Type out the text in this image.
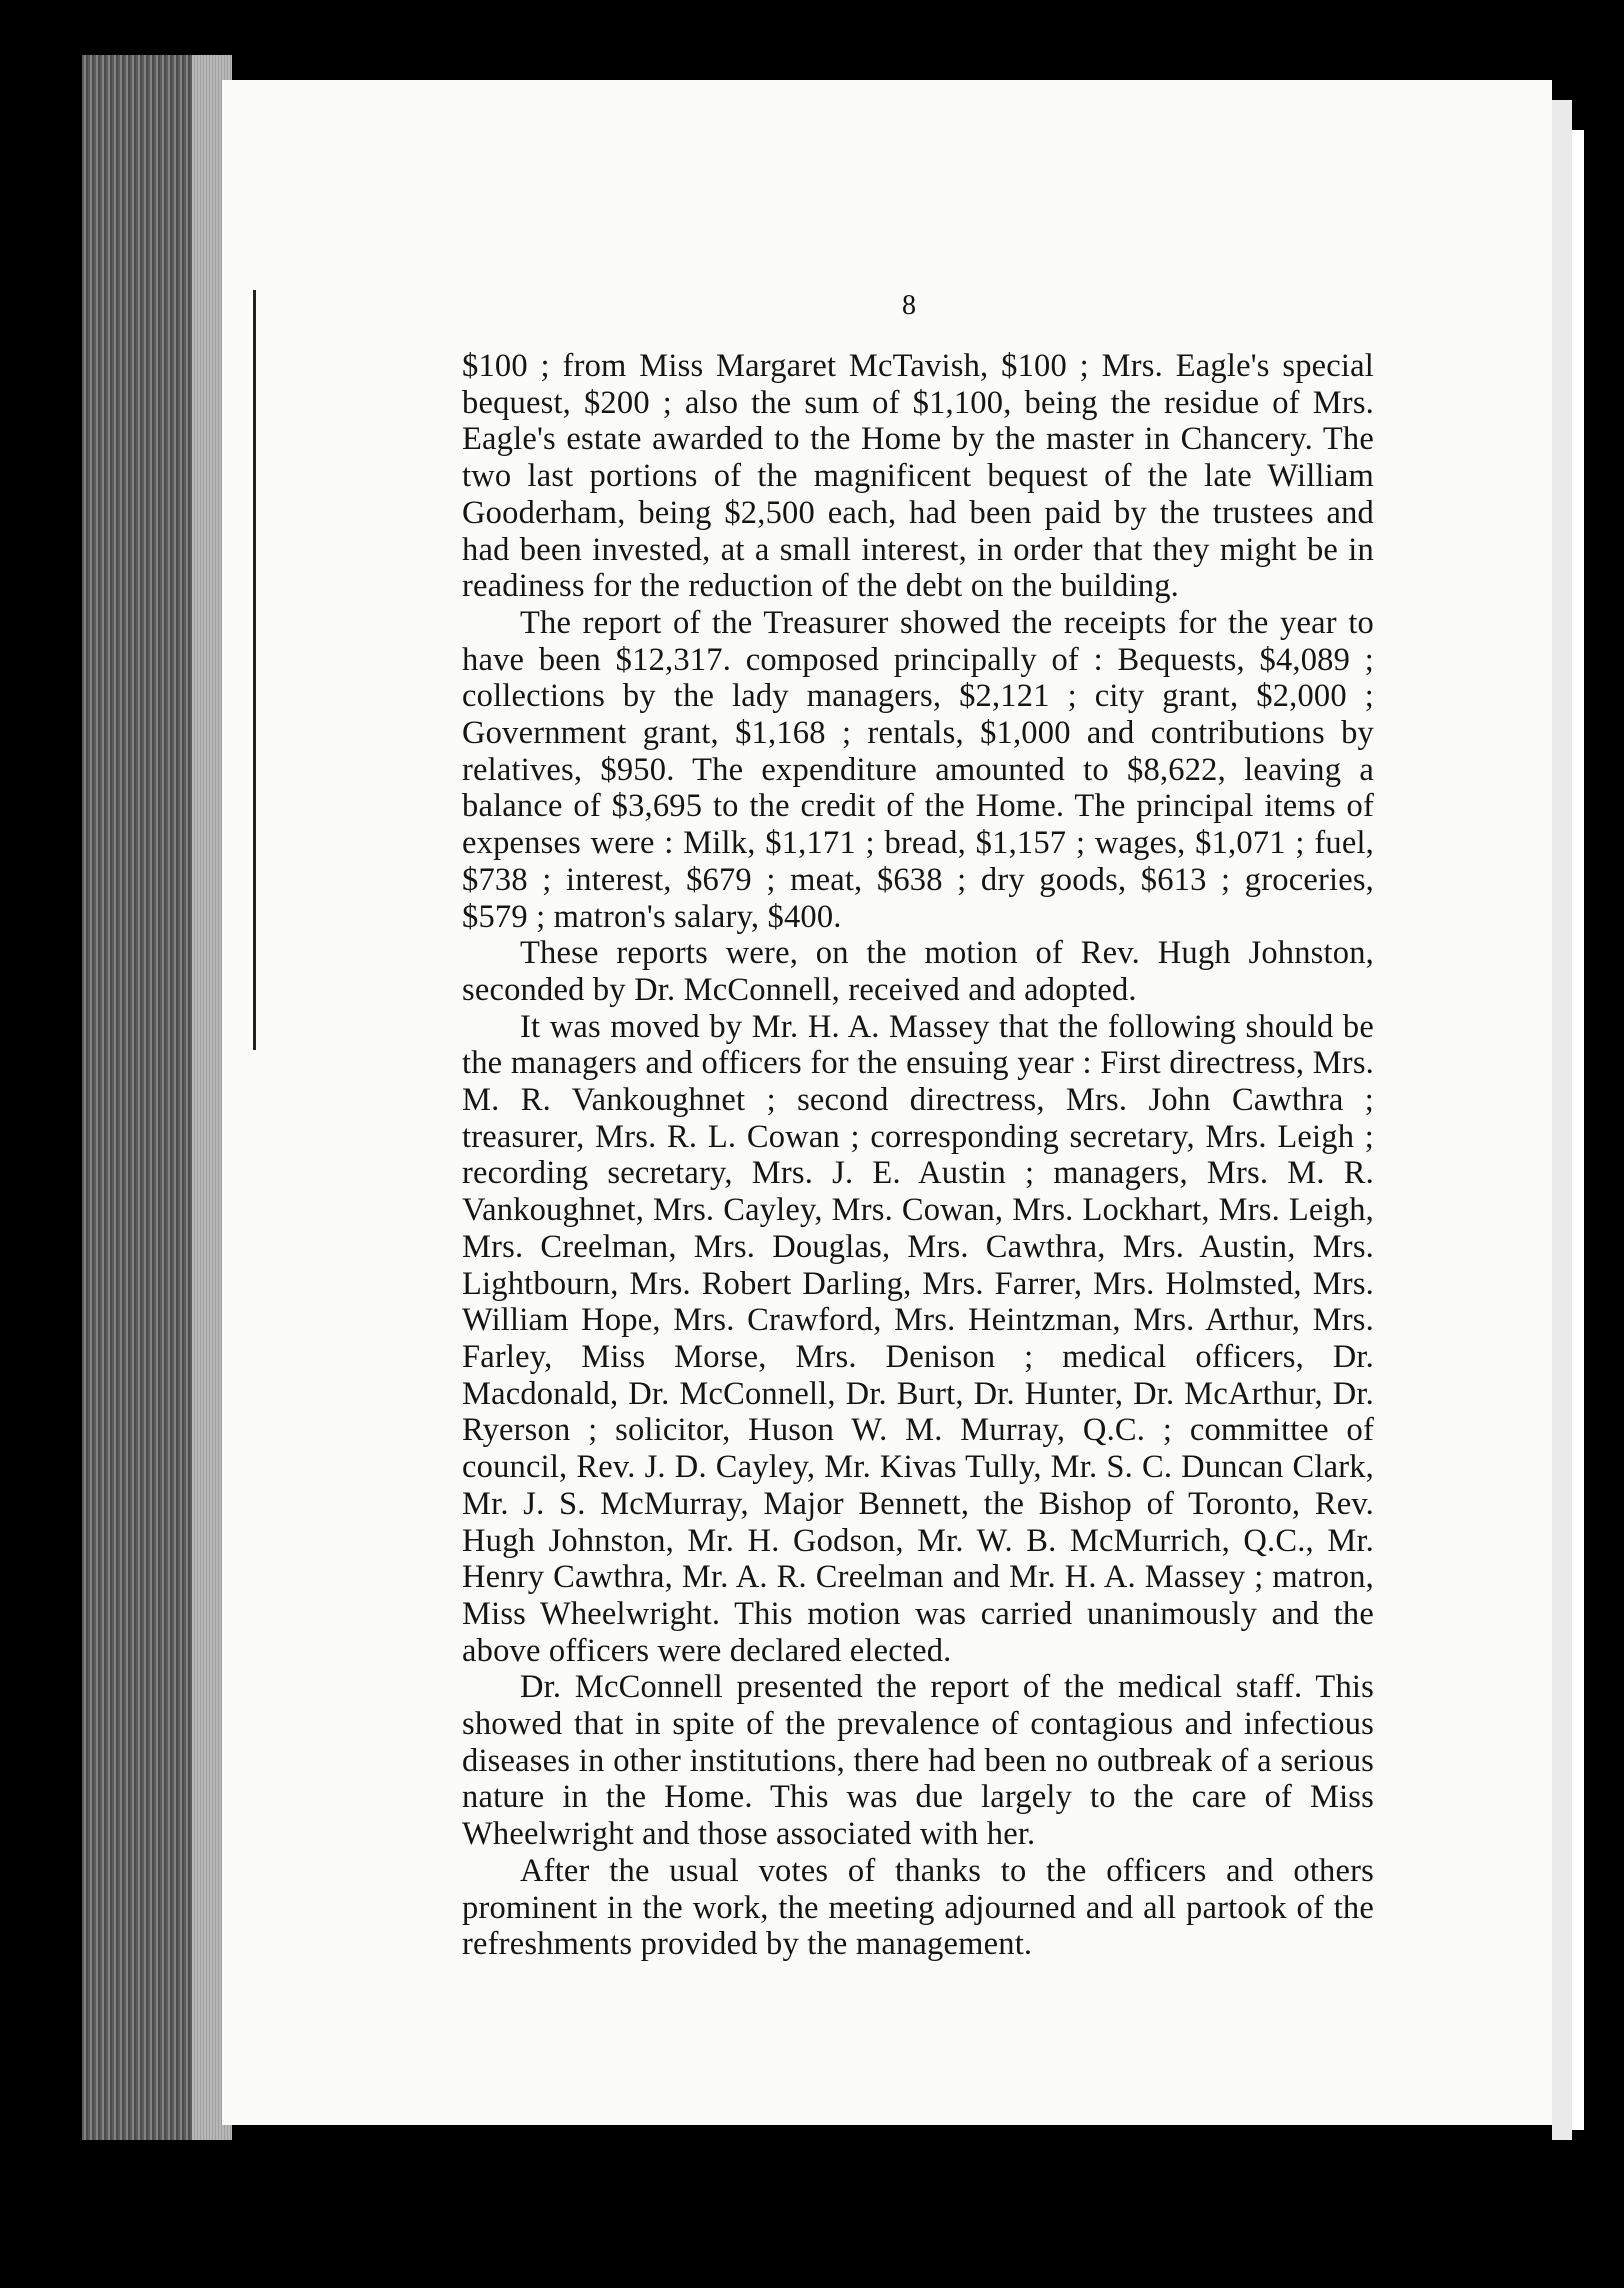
8

$100 ; from Miss Margaret McTavish, $100 ; Mrs. Eagle's special bequest, $200 ; also the sum of $1,100, being the residue of Mrs. Eagle's estate awarded to the Home by the master in Chancery. The two last portions of the magnificent bequest of the late William Gooderham, being $2,500 each, had been paid by the trustees and had been invested, at a small interest, in order that they might be in readiness for the reduction of the debt on the building.

The report of the Treasurer showed the receipts for the year to have been $12,317. composed principally of : Bequests, $4,089 ; collections by the lady managers, $2,121 ; city grant, $2,000 ; Government grant, $1,168 ; rentals, $1,000 and contributions by relatives, $950. The expenditure amounted to $8,622, leaving a balance of $3,695 to the credit of the Home. The principal items of expenses were : Milk, $1,171 ; bread, $1,157 ; wages, $1,071 ; fuel, $738 ; interest, $679 ; meat, $638 ; dry goods, $613 ; groceries, $579 ; matron's salary, $400.

These reports were, on the motion of Rev. Hugh Johnston, seconded by Dr. McConnell, received and adopted.

It was moved by Mr. H. A. Massey that the following should be the managers and officers for the ensuing year : First directress, Mrs. M. R. Vankoughnet ; second directress, Mrs. John Cawthra ; treasurer, Mrs. R. L. Cowan ; corresponding secretary, Mrs. Leigh ; recording secretary, Mrs. J. E. Austin ; managers, Mrs. M. R. Vankoughnet, Mrs. Cayley, Mrs. Cowan, Mrs. Lockhart, Mrs. Leigh, Mrs. Creelman, Mrs. Douglas, Mrs. Cawthra, Mrs. Austin, Mrs. Lightbourn, Mrs. Robert Darling, Mrs. Farrer, Mrs. Holmsted, Mrs. William Hope, Mrs. Crawford, Mrs. Heintzman, Mrs. Arthur, Mrs. Farley, Miss Morse, Mrs. Denison ; medical officers, Dr. Macdonald, Dr. McConnell, Dr. Burt, Dr. Hunter, Dr. McArthur, Dr. Ryerson ; solicitor, Huson W. M. Murray, Q.C. ; committee of council, Rev. J. D. Cayley, Mr. Kivas Tully, Mr. S. C. Duncan Clark, Mr. J. S. McMurray, Major Bennett, the Bishop of Toronto, Rev. Hugh Johnston, Mr. H. Godson, Mr. W. B. McMurrich, Q.C., Mr. Henry Cawthra, Mr. A. R. Creelman and Mr. H. A. Massey ; matron, Miss Wheelwright. This motion was carried unanimously and the above officers were declared elected.

Dr. McConnell presented the report of the medical staff. This showed that in spite of the prevalence of contagious and infectious diseases in other institutions, there had been no outbreak of a serious nature in the Home. This was due largely to the care of Miss Wheelwright and those associated with her.

After the usual votes of thanks to the officers and others prominent in the work, the meeting adjourned and all partook of the refreshments provided by the management.
